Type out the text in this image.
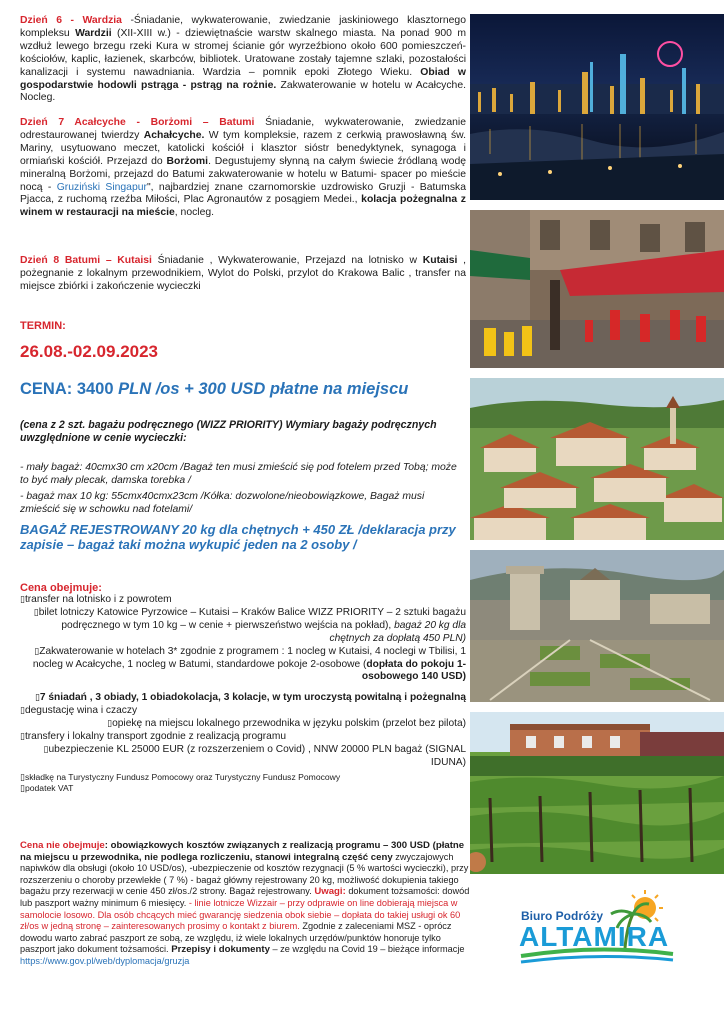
Dzień 6 - Wardzia -Śniadanie, wykwaterowanie, zwiedzanie jaskiniowego klasztornego kompleksu Wardzii (XII-XIII w.) - dziewiętnaście warstw skalnego miasta. Na ponad 900 m wzdłuż lewego brzegu rzeki Kura w stromej ścianie gór wyrzeźbiono około 600 pomieszczeń-kościołów, kaplic, łazienek, skarbców, bibliotek. Uratowane zostały tajemne szlaki, pozostałości kanalizacji i systemu nawadniania. Wardzia – pomnik epoki Złotego Wieku. Obiad w gospodarstwie hodowli pstrąga - pstrąg na rożnie. Zakwaterowanie w hotelu w Acałcyche. Nocleg.

Dzień 7 Acałcyche - Borżomi – Batumi Śniadanie, wykwaterowanie, zwiedzanie odrestaurowanej twierdzy Achałcyche. W tym kompleksie, razem z cerkwią prawosławną św. Mariny, usytuowano meczet, katolicki kościół i klasztor sióstr benedyktynek, synagoga i ormiański kościół. Przejazd do Borżomi. Degustujemy słynną na całym świecie źródlaną wodę mineralną Borżomi, przejazd do Batumi zakwaterowanie w hotelu w Batumi- spacer po mieście nocą - Gruziński Singapur", najbardziej znane czarnomorskie uzdrowisko Gruzji - Batumska Pjacca, z ruchomą rzeźba Miłości, Plac Agronautów z posągiem Medei., kolacja pożegnalna z winem w restauracji na mieście, nocleg.

Dzień 8 Batumi – Kutaisi Śniadanie , Wykwaterowanie, Przejazd na lotnisko w Kutaisi , pożegnanie z lokalnym przewodnikiem, Wylot do Polski, przylot do Krakowa Balic , transfer na miejsce zbiórki i zakończenie wycieczki

TERMIN:

26.08.-02.09.2023

CENA: 3400 PLN /os + 300 USD płatne na miejscu

(cena z 2 szt. bagażu podręcznego (WIZZ PRIORITY) Wymiary bagaży podręcznych uwzględnione w cenie wycieczki:

- mały bagaż: 40cmx30 cm x20cm /Bagaż ten musi zmieścić się pod fotelem przed Tobą; może to być mały plecak, damska torebka /

- bagaż max 10 kg: 55cmx40cmx23cm /Kółka: dozwolone/nieobowiązkowe, Bagaż musi zmieścić się w schowku nad fotelami/

BAGAŻ REJESTROWANY 20 kg dla chętnych + 450 ZŁ /deklaracja przy zapisie – bagaż taki można wykupić jeden na 2 osoby /

Cena obejmuje:

▯transfer na lotnisko i z powrotem

▯bilet lotniczy Katowice Pyrzowice – Kutaisi – Kraków Balice WIZZ PRIORITY – 2 sztuki bagażu podręcznego w tym 10 kg – w cenie + pierwszeństwo wejścia na pokład), bagaż 20 kg dla chętnych za dopłatą 450 PLN)

▯Zakwaterowanie w hotelach 3* zgodnie z programem : 1 nocleg w Kutaisi, 4 noclegi w Tbilisi, 1 nocleg w Acałcyche, 1 nocleg w Batumi, standardowe pokoje 2-osobowe (dopłata do pokoju 1-osobowego 140 USD)

▯7 śniadań , 3 obiady, 1 obiadokolacja, 3 kolacje, w tym uroczystą powitalną i pożegnalną

▯degustację wina i czaczy

▯opiekę na miejscu lokalnego przewodnika w języku polskim (przelot bez pilota)

▯transfery i lokalny transport zgodnie z realizacją programu

▯ubezpieczenie KL 25000 EUR (z rozszerzeniem o Covid) , NNW 20000 PLN bagaż (SIGNAL IDUNA)

▯składkę na Turystyczny Fundusz Pomocowy oraz Turystyczny Fundusz Pomocowy

▯podatek VAT

Cena nie obejmuje: obowiązkowych kosztów związanych z realizacją programu – 300 USD (płatne na miejscu u przewodnika, nie podlega rozliczeniu, stanowi integralną część ceny zwyczajowych napiwków dla obsługi (około 10 USD/os), -ubezpieczenie od kosztów rezygnacji (5 % wartości wycieczki), przy rozszerzeniu o choroby przewlekłe ( 7 %) - bagaż główny rejestrowany 20 kg, możliwość dokupienia takiego bagażu przy rezerwacji w cenie 450 zł/os./2 strony. Bagaż rejestrowany. Uwagi: dokument tożsamości: dowód lub paszport ważny minimum 6 miesięcy. - linie lotnicze Wizzair – przy odprawie on line dobierają miejsca w samolocie losowo. Dla osób chcących mieć gwarancję siedzenia obok siebie – dopłata do takiej usługi ok 60 zł/os w jedną stronę – zainteresowanych prosimy o kontakt z biurem. Zgodnie z zaleceniami MSZ - oprócz dowodu warto zabrać paszport ze sobą, ze względu, iż wiele lokalnych urzędów/punktów honoruje tylko paszport jako dokument tożsamości. Przepisy i dokumenty – ze względu na Covid 19 – bieżące informacje
https://www.gov.pl/web/dyplomacja/gruzja

Biuro Podróży
ALTAMIRA
